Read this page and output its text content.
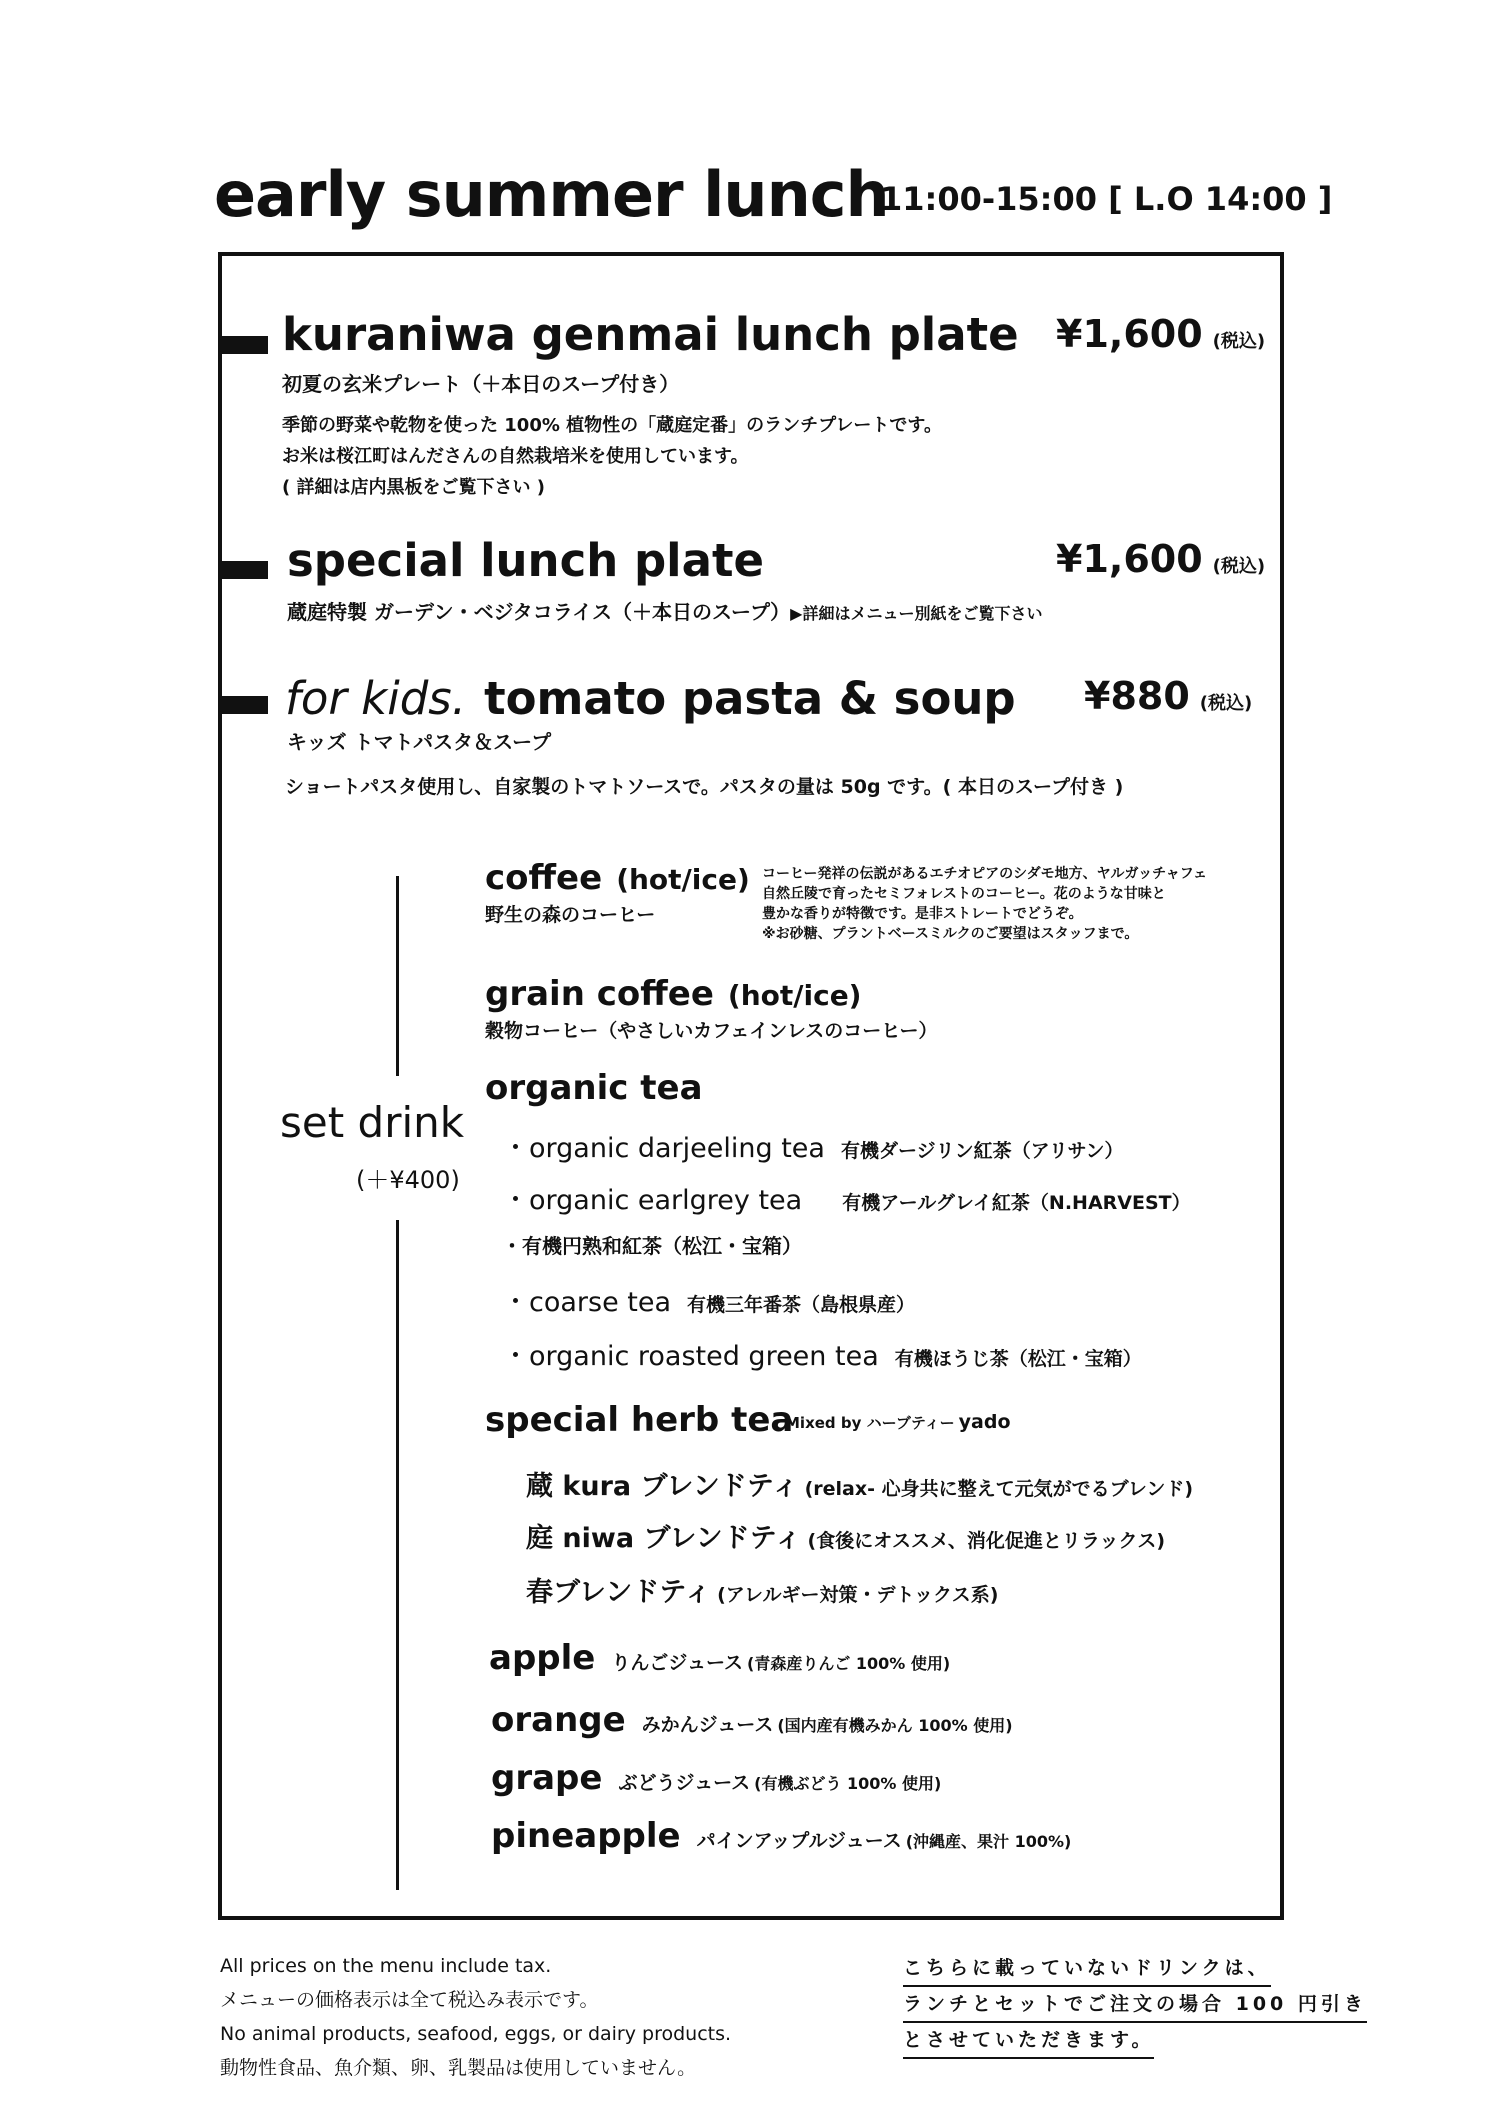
early summer lunch
11:00-15:00 [ L.O 14:00 ]
kuraniwa genmai lunch plate ¥1,600 (税込)
初夏の玄米プレート（＋本日のスープ付き）
季節の野菜や乾物を使った 100% 植物性の「蔵庭定番」のランチプレートです。
お米は桜江町はんださんの自然栽培米を使用しています。
( 詳細は店内黒板をご覧下さい )
special lunch plate	¥1,600 (税込)
蔵庭特製 ガーデン・ベジタコライス（＋本日のスープ）▶詳細はメニュー別紙をご覧下さい
for kids. tomato pasta & soup ¥880 (税込)
キッズ トマトパスタ＆スープ
ショートパスタ使用し、自家製のトマトソースで。パスタの量は 50g です。( 本日のスープ付き )
set drink
(＋¥400)
coffee (hot/ice)
野生の森のコーヒー
コーヒー発祥の伝説があるエチオピアのシダモ地方、ヤルガッチャフェ
自然丘陵で育ったセミフォレストのコーヒー。花のような甘味と
豊かな香りが特徴です。是非ストレートでどうぞ。
※お砂糖、プラントベースミルクのご要望はスタッフまで。
grain coffee (hot/ice)
穀物コーヒー（やさしいカフェインレスのコーヒー）
organic tea
・organic darjeeling tea 有機ダージリン紅茶（アリサン）
・organic earlgrey tea 有機アールグレイ紅茶（N.HARVEST）
・有機円熟和紅茶（松江・宝箱）
・coarse tea 有機三年番茶（島根県産）
・organic roasted green tea 有機ほうじ茶（松江・宝箱）
special herb tea
Mixed by ハーブティー yado
蔵 kura ブレンドティ (relax- 心身共に整えて元気がでるブレンド)
庭 niwa ブレンドティ (食後にオススメ、消化促進とリラックス)
春ブレンドティ (アレルギー対策・デトックス系)
apple りんごジュース (青森産りんご 100% 使用)
orange みかんジュース (国内産有機みかん 100% 使用)
grape ぶどうジュース (有機ぶどう 100% 使用)
pineapple パインアップルジュース (沖縄産、果汁 100%)
All prices on the menu include tax.
メニューの価格表示は全て税込み表示です。
No animal products, seafood, eggs, or dairy products.
動物性食品、魚介類、卵、乳製品は使用していません。
こちらに載っていないドリンクは、
ランチとセットでご注文の場合 100 円引き
とさせていただきます。
